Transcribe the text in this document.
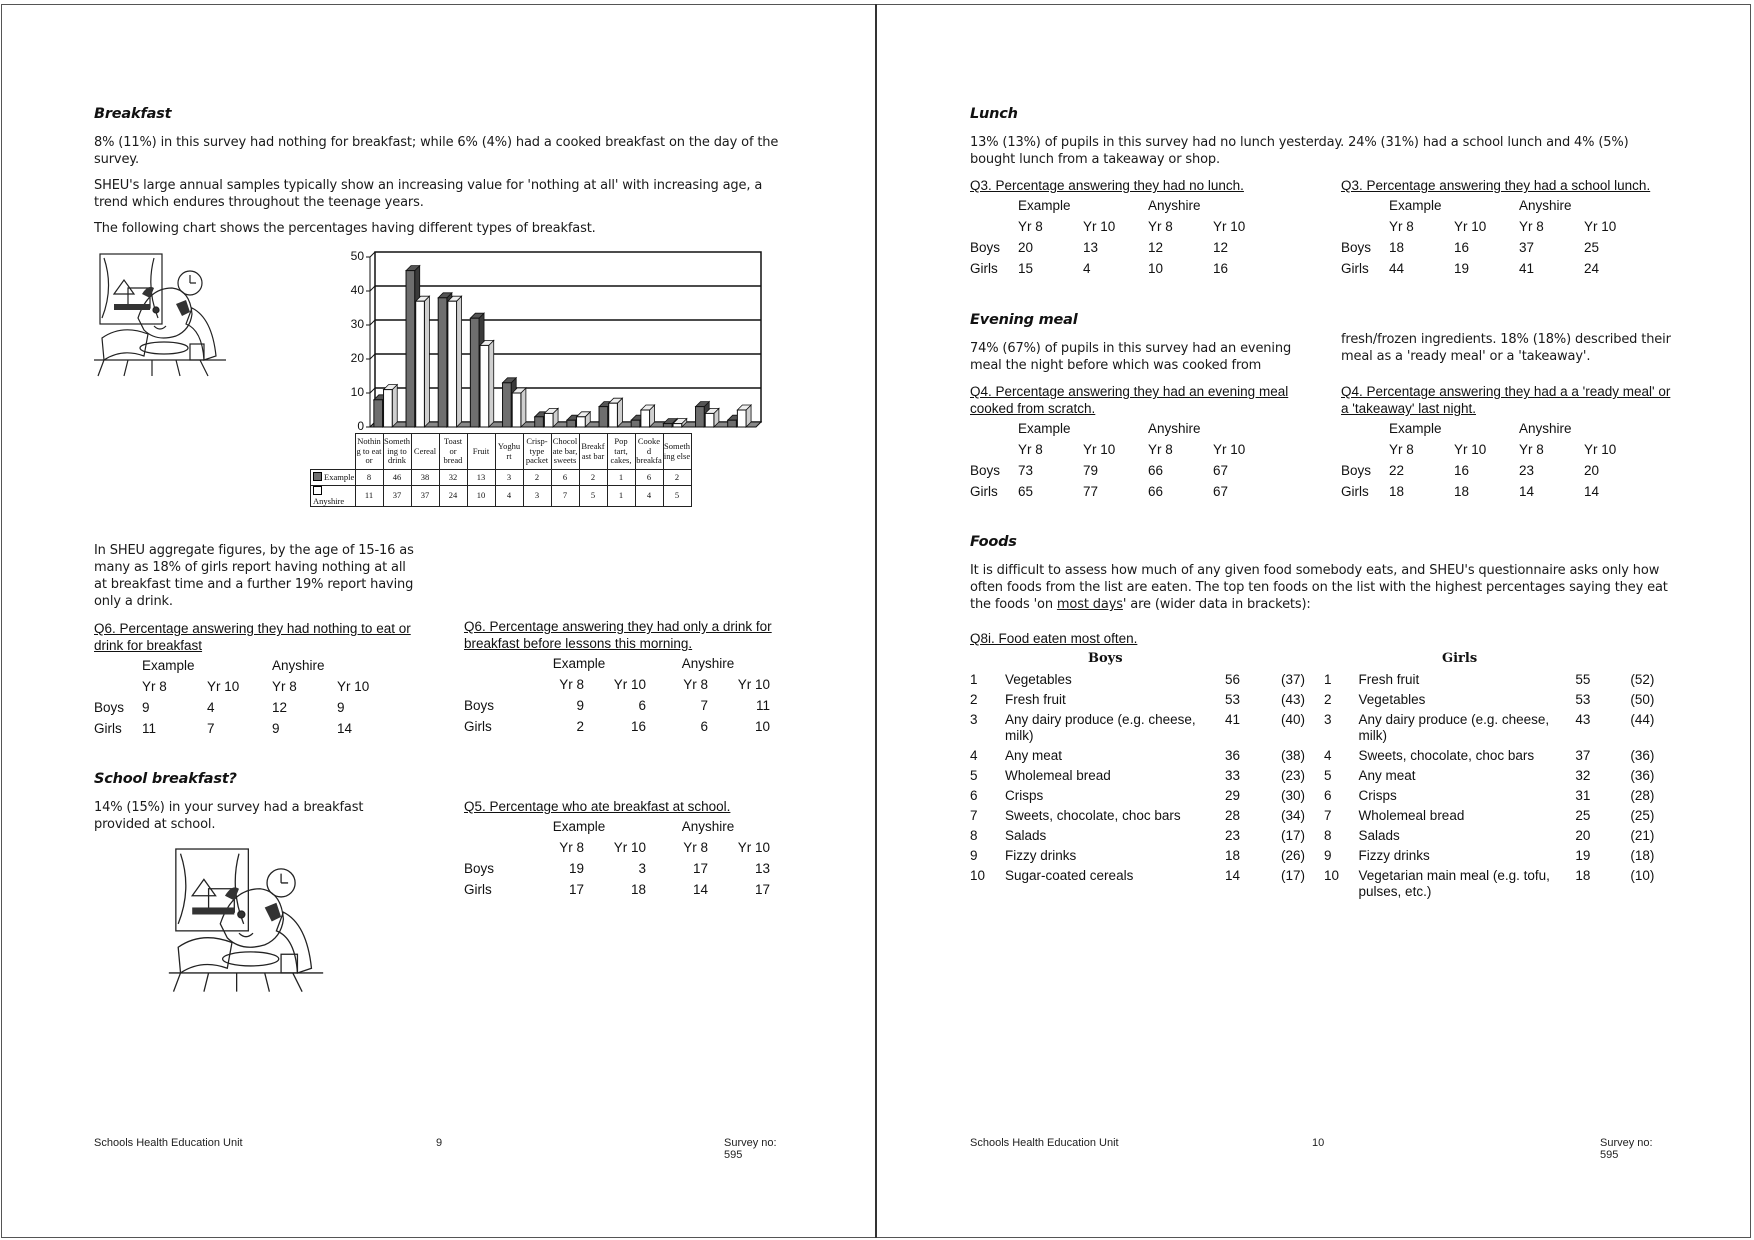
Breakfast

8% (11%) in this survey had nothing for breakfast; while 6% (4%) had a cooked breakfast on the day of the survey.

SHEU's large annual samples typically show an increasing value for 'nothing at all' with increasing age, a trend which endures throughout the teenage years.

The following chart shows the percentages having different types of breakfast.

50
40
30
20
10
0
	Nothin g to eat or	Someth ing to drink	Cereal	Toast or bread	Fruit	Yoghu rt	Crisp- type packet	Chocol ate bar, sweets	Breakf ast bar	Pop tart, cakes,	Cooke d breakfa	Someth ing else
Example	8	46	38	32	13	3	2	6	2	1	6	2
Anyshire	11	37	37	24	10	4	3	7	5	1	4	5
In SHEU aggregate figures, by the age of 15-16 as many as 18% of girls report having nothing at all at breakfast time and a further 19% report having only a drink.
Q6. Percentage answering they had nothing to eat or drink for breakfast
	Example		Anyshire	
	Yr 8	Yr 10	Yr 8	Yr 10
Boys	9	4	12	9
Girls	11	7	9	14
Q6. Percentage answering they had only a drink for breakfast before lessons this morning.
	Example		Anyshire	
	Yr 8	Yr 10	Yr 8	Yr 10
Boys	9	6	7	11
Girls	2	16	6	10
School breakfast?
14% (15%) in your survey had a breakfast provided at school.
Q5. Percentage who ate breakfast at school.
	Example		Anyshire	
	Yr 8	Yr 10	Yr 8	Yr 10
Boys	19	3	17	13
Girls	17	18	14	17
Schools Health Education Unit	9	Survey no: 595
Lunch
13% (13%) of pupils in this survey had no lunch yesterday. 24% (31%) had a school lunch and 4% (5%) bought lunch from a takeaway or shop.
Q3. Percentage answering they had no lunch.
	Example		Anyshire	
	Yr 8	Yr 10	Yr 8	Yr 10
Boys	20	13	12	12
Girls	15	4	10	16
Q3. Percentage answering they had a school lunch.
	Example		Anyshire	
	Yr 8	Yr 10	Yr 8	Yr 10
Boys	18	16	37	25
Girls	44	19	41	24
Evening meal
74% (67%) of pupils in this survey had an evening meal the night before which was cooked from
fresh/frozen ingredients. 18% (18%) described their meal as a 'ready meal' or a 'takeaway'.
Q4. Percentage answering they had an evening meal cooked from scratch.
	Example		Anyshire	
	Yr 8	Yr 10	Yr 8	Yr 10
Boys	73	79	66	67
Girls	65	77	66	67
Q4. Percentage answering they had a a 'ready meal' or a 'takeaway' last night.
	Example		Anyshire	
	Yr 8	Yr 10	Yr 8	Yr 10
Boys	22	16	23	20
Girls	18	18	14	14
Foods
It is difficult to assess how much of any given food somebody eats, and SHEU's questionnaire asks only how often foods from the list are eaten. The top ten foods on the list with the highest percentages saying they eat the foods 'on most days' are (wider data in brackets):
Q8i. Food eaten most often.
Boys	Girls
1	Vegetables	56	(37)
2	Fresh fruit	53	(43)
3	Any dairy produce (e.g. cheese, milk)	41	(40)
4	Any meat	36	(38)
5	Wholemeal bread	33	(23)
6	Crisps	29	(30)
7	Sweets, chocolate, choc bars	28	(34)
8	Salads	23	(17)
9	Fizzy drinks	18	(26)
10	Sugar-coated cereals	14	(17)
1	Fresh fruit	55	(52)
2	Vegetables	53	(50)
3	Any dairy produce (e.g. cheese, milk)	43	(44)
4	Sweets, chocolate, choc bars	37	(36)
5	Any meat	32	(36)
6	Crisps	31	(28)
7	Wholemeal bread	25	(25)
8	Salads	20	(21)
9	Fizzy drinks	19	(18)
10	Vegetarian main meal (e.g. tofu, pulses, etc.)	18	(10)
Schools Health Education Unit	10	Survey no: 595
